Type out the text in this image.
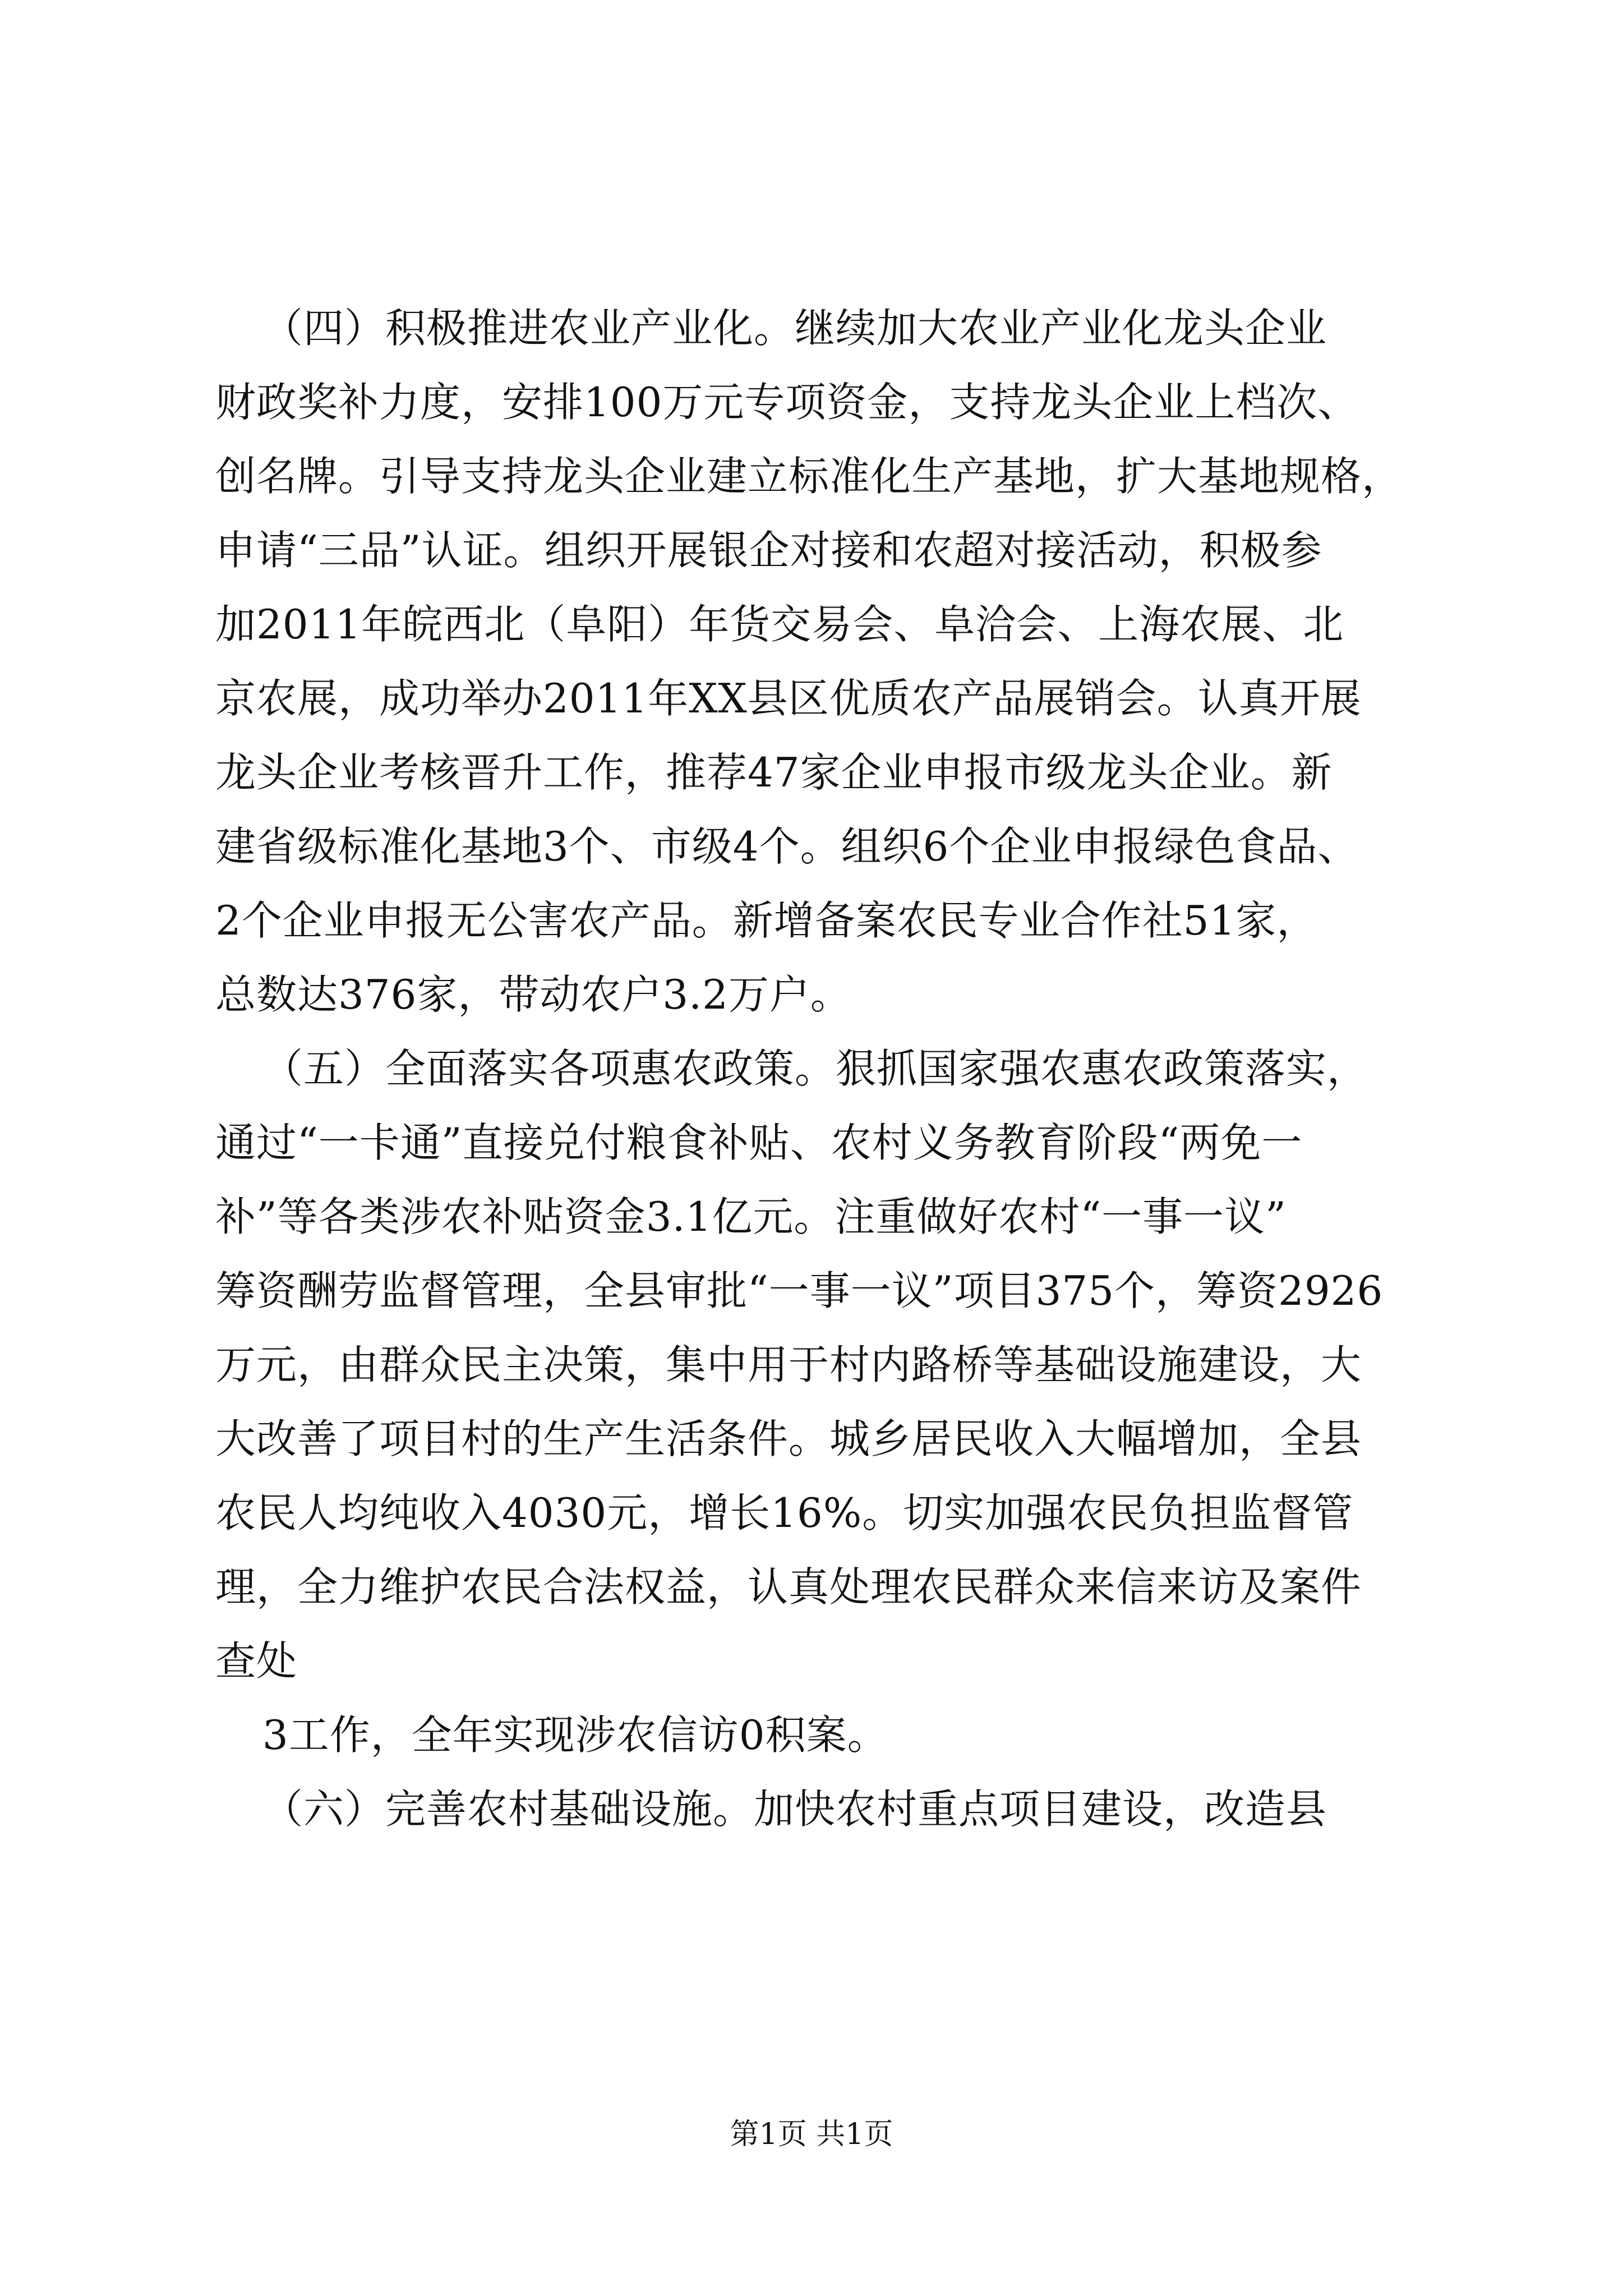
（四）积极推进农业产业化。继续加大农业产业化龙头企业
财政奖补力度，安排100万元专项资金，支持龙头企业上档次、
创名牌。引导支持龙头企业建立标准化生产基地，扩大基地规格，
申请“三品”认证。组织开展银企对接和农超对接活动，积极参
加2011年皖西北（阜阳）年货交易会、阜洽会、上海农展、北
京农展，成功举办2011年XX县区优质农产品展销会。认真开展
龙头企业考核晋升工作，推荐47家企业申报市级龙头企业。新
建省级标准化基地3个、市级4个。组织6个企业申报绿色食品、
2个企业申报无公害农产品。新增备案农民专业合作社51家，
总数达376家，带动农户3.2万户。
（五）全面落实各项惠农政策。狠抓国家强农惠农政策落实，
通过“一卡通”直接兑付粮食补贴、农村义务教育阶段“两免一
补”等各类涉农补贴资金3.1亿元。注重做好农村“一事一议”
筹资酬劳监督管理，全县审批“一事一议”项目375个，筹资2926
万元，由群众民主决策，集中用于村内路桥等基础设施建设，大
大改善了项目村的生产生活条件。城乡居民收入大幅增加，全县
农民人均纯收入4030元，增长16%。切实加强农民负担监督管
理，全力维护农民合法权益，认真处理农民群众来信来访及案件
查处
3工作，全年实现涉农信访0积案。
（六）完善农村基础设施。加快农村重点项目建设，改造县
第1页 共1页
